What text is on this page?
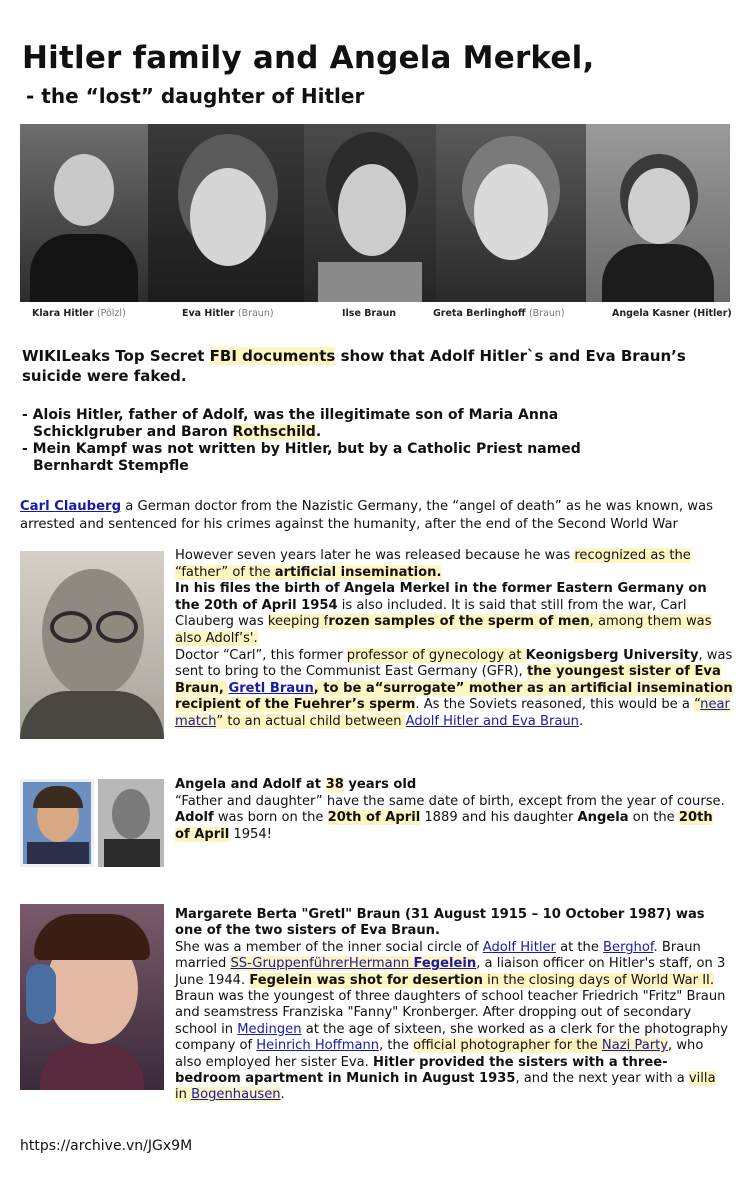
Hitler family and Angela Merkel,
- the “lost” daughter of Hitler
Klara Hitler (Pölzl)	Eva Hitler (Braun)	Ilse Braun	Greta Berlinghoff (Braun)	Angela Kasner (Hitler)

WIKILeaks Top Secret FBI documents show that Adolf Hitler`s and Eva Braun’s suicide were faked.

- Alois Hitler, father of Adolf, was the illegitimate son of Maria Anna

Schicklgruber and Baron Rothschild.

- Mein Kampf was not written by Hitler, but by a Catholic Priest named

Bernhardt Stempfle

Carl Clauberg a German doctor from the Nazistic Germany, the “angel of death” as he was known, was arrested and sentenced for his crimes against the humanity, after the end of the Second World War

However seven years later he was released because he was recognized as the “father” of the artificial insemination.
In his files the birth of Angela Merkel in the former Eastern Germany on the 20th of April 1954 is also included. It is said that still from the war, Carl Clauberg was keeping frozen samples of the sperm of men, among them was also Adolf’s'.
Doctor “Carl”, this former professor of gynecology at Keonigsberg University, was sent to bring to the Communist East Germany (GFR), the youngest sister of Eva Braun, Gretl Braun, to be a“surrogate” mother as an artificial insemination recipient of the Fuehrer’s sperm. As the Soviets reasoned, this would be a “near match” to an actual child between Adolf Hitler and Eva Braun.
Angela and Adolf at 38 years old
“Father and daughter” have the same date of birth, except from the year of course.
Adolf was born on the 20th of April 1889 and his daughter Angela on the 20th of April 1954!
Margarete Berta "Gretl" Braun (31 August 1915 – 10 October 1987) was one of the two sisters of Eva Braun.
She was a member of the inner social circle of Adolf Hitler at the Berghof. Braun married SS-GruppenführerHermann Fegelein, a liaison officer on Hitler's staff, on 3 June 1944. Fegelein was shot for desertion in the closing days of World War II. Braun was the youngest of three daughters of school teacher Friedrich "Fritz" Braun and seamstress Franziska "Fanny" Kronberger. After dropping out of secondary school in Medingen at the age of sixteen, she worked as a clerk for the photography company of Heinrich Hoffmann, the official photographer for the Nazi Party, who also employed her sister Eva. Hitler provided the sisters with a three-bedroom apartment in Munich in August 1935, and the next year with a villa in Bogenhausen.

https://archive.vn/JGx9M
